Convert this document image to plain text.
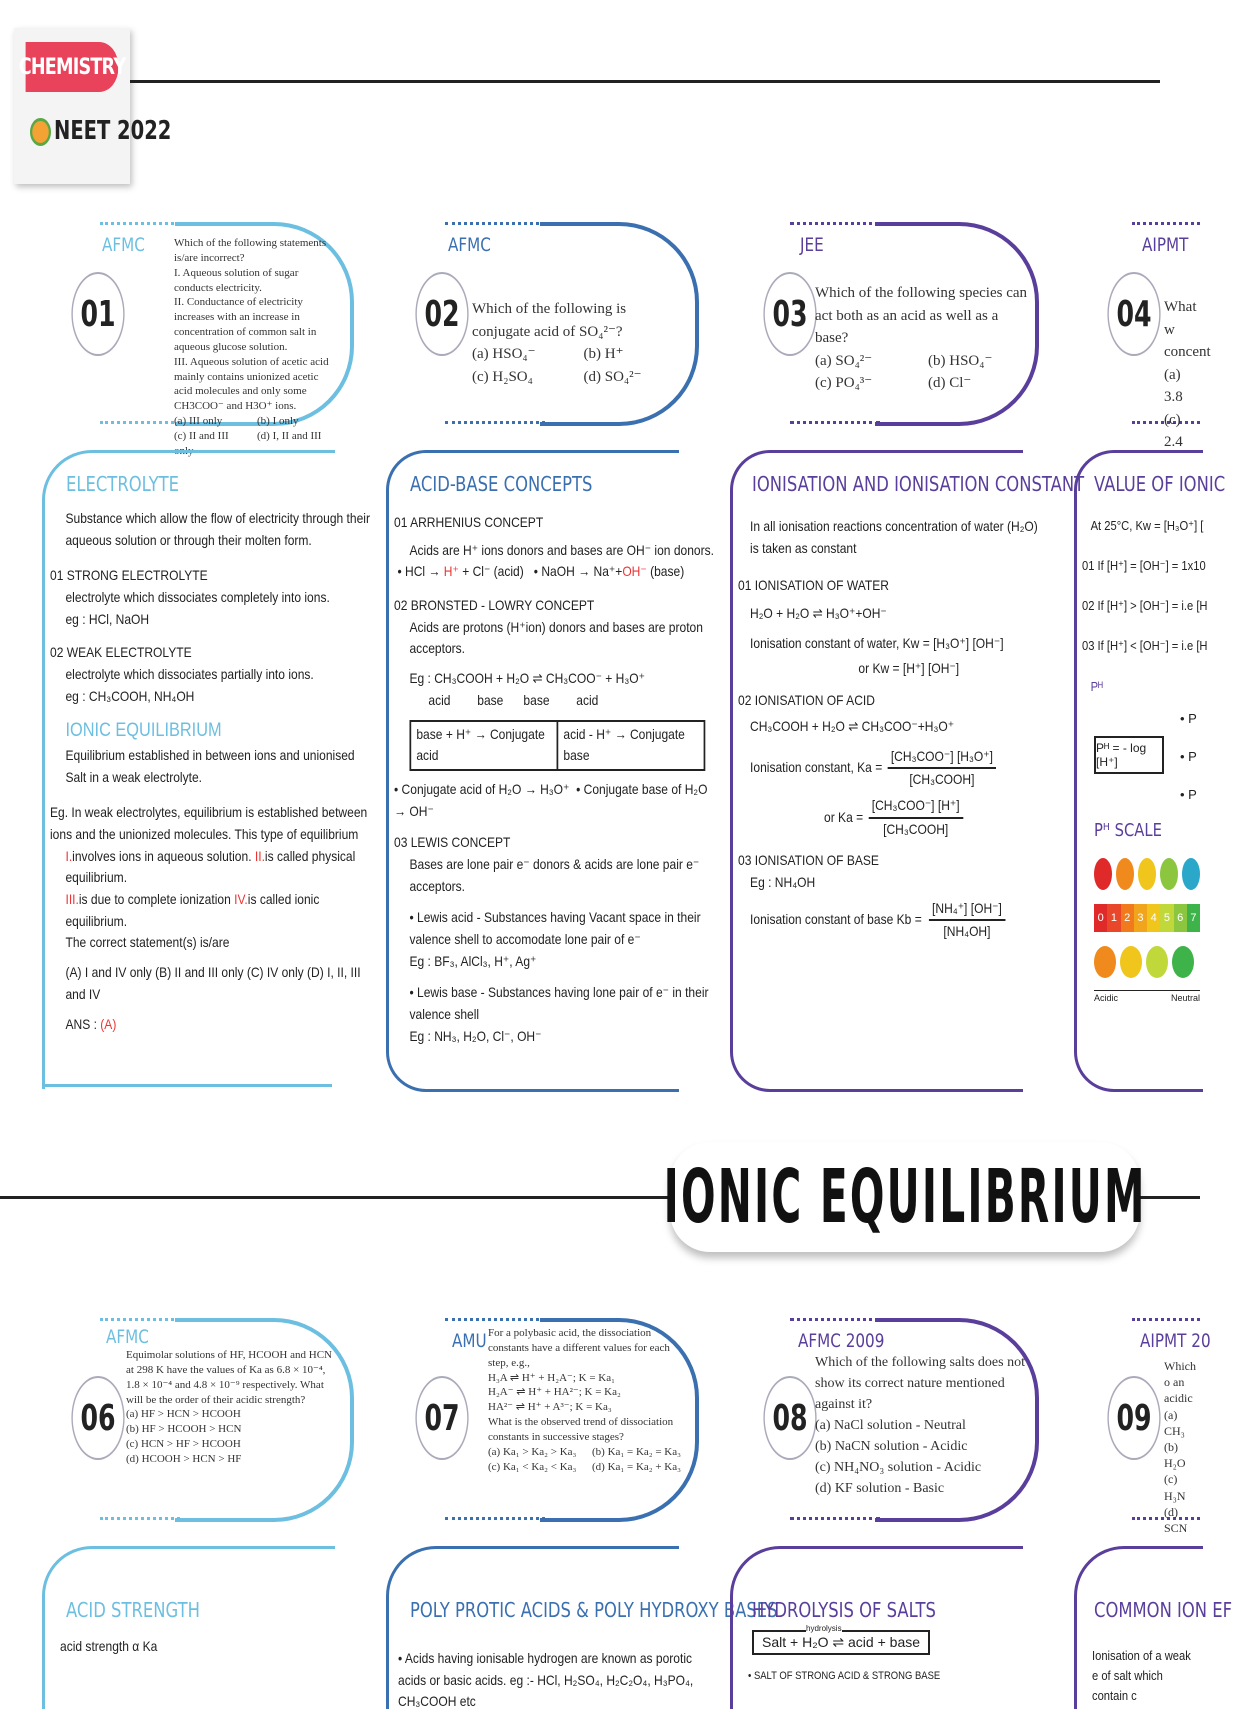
CHEMISTRY
NEET 2022
AFMC
01
Which of the following statements is/are incorrect?
I. Aqueous solution of sugar conducts electricity.
II. Conductance of electricity increases with an increase in concentration of common salt in aqueous glucose solution.
III. Aqueous solution of acetic acid mainly contains unionized acetic acid molecules and only some CH3COO⁻ and H3O⁺ ions.

(a) III only	(b) I only
(c) II and III only
(d) I, II and III
AFMC
02 Which of the following is conjugate acid of SO₄²⁻?
(a) HSO₄⁻	(b) H⁺
(c) H₂SO₄	(d) SO₄²⁻
JEE
03
Which of the following species can act both as an acid as well as a base?
(a) SO₄²⁻	(b) HSO₄⁻
(c) PO₄³⁻	(d) Cl⁻
AIPMT
04 What w concent
(a) 3.8
(c) 2.4
ELECTROLYTE

Substance which allow the flow of electricity through their aqueous solution or through their molten form.

01 STRONG ELECTROLYTE

electrolyte which dissociates completely into ions.

eg : HCl, NaOH

02 WEAK ELECTROLYTE

electrolyte which dissociates partially into ions.

eg : CH₃COOH, NH₄OH

IONIC EQUILIBRIUM

Equilibrium established in between ions and unionised Salt in a weak electrolyte.

Eg. In weak electrolytes, equilibrium is established between ions and the unionized molecules. This type of equilibrium

I.involves ions in aqueous solution. II.is called physical equilibrium.

III.is due to complete ionization IV.is called ionic equilibrium.

The correct statement(s) is/are

(A) I and IV only (B) II and III only (C) IV only (D) I, II, III and IV

ANS : (A)

ACID-BASE CONCEPTS

01 ARRHENIUS CONCEPT

Acids are H⁺ ions donors and bases are OH⁻ ion donors.

• HCl → H⁺ + Cl⁻ (acid) • NaOH → Na⁺+OH⁻ (base)

02 BRONSTED - LOWRY CONCEPT

Acids are protons (H⁺ion) donors and bases are proton acceptors.

Eg : CH₃COOH + H₂O ⇌ CH₃COO⁻ + H₃O⁺

acid        base      base        acid

base + H⁺ → Conjugate acid
acid - H⁺ → Conjugate base

• Conjugate acid of H₂O → H₃O⁺ • Conjugate base of H₂O → OH⁻

03 LEWIS CONCEPT

Bases are lone pair e⁻ donors & acids are lone pair e⁻ acceptors.

• Lewis acid - Substances having Vacant space in their valence shell to accomodate lone pair of e⁻

Eg : BF₃, AlCl₃, H⁺, Ag⁺

• Lewis base - Substances having lone pair of e⁻ in their valence shell

Eg : NH₃, H₂O, Cl⁻, OH⁻

IONISATION AND IONISATION CONSTANT

In all ionisation reactions concentration of water (H₂O) is taken as constant

01 IONISATION OF WATER

H₂O + H₂O ⇌ H₃O⁺+OH⁻

Ionisation constant of water, Kw = [H₃O⁺] [OH⁻]

or Kw = [H⁺] [OH⁻]

02 IONISATION OF ACID

CH₃COOH + H₂O ⇌ CH₃COO⁻+H₃O⁺

Ionisation constant, Ka =
[CH₃COO⁻] [H₃O⁺]
[CH₃COOH]
or Ka =
[CH₃COO⁻] [H⁺]
[CH₃COOH]

03 IONISATION OF BASE

Eg : NH₄OH

Ionisation constant of base $Kb = \frac{\text{[NH₄⁺] [OH⁻]}}{\text{[NH₄OH]}}$
VALUE OF IONIC

At 25°C, Kw = [H₃O⁺] [

01 If [H⁺] = [OH⁻] = 1x10

02 If [H⁺] > [OH⁻] = i.e [H

03 If [H⁺] < [OH⁻] = i.e [H

Pᴴ

Pᴴ = - log [H⁺]
• P
• P
• P
Pᴴ SCALE
0 1 2 3 4 5 6 7
Acidic	Neutral
IONIC EQUILIBRIUM
AFMC
06
Equimolar solutions of HF, HCOOH and HCN at 298 K have the values of Ka as 6.8 × 10⁻⁴, 1.8 × 10⁻⁴ and 4.8 × 10⁻⁹ respectively. What will be the order of their acidic strength?
(a) HF > HCN > HCOOH
(b) HF > HCOOH > HCN
(c) HCN > HF > HCOOH
(d) HCOOH > HCN > HF
AMU
07
For a polybasic acid, the dissociation constants have a different values for each step, e.g.,
H₃A ⇌ H⁺ + H₂A⁻; K = Ka₁
H₂A⁻ ⇌ H⁺ + HA²⁻; K = Ka₂
HA²⁻ ⇌ H⁺ + A³⁻; K = Ka₃
What is the observed trend of dissociation constants in successive stages?

(a) Ka₁ > Ka₂ > Ka₃	(b) Ka₁ = Ka₂ = Ka₃
(c) Ka₁ < Ka₂ < Ka₃	(d) Ka₁ = Ka₂ + Ka₃
AFMC 2009
08
Which of the following salts does not show its correct nature mentioned against it?
(a) NaCl solution - Neutral
(b) NaCN solution - Acidic
(c) NH₄NO₃ solution - Acidic
(d) KF solution - Basic
AIPMT 20
09
Which o an acidic
(a) CH₃
(b) H₂O
(c) H₃N
(d) SCN
ACID STRENGTH
acid strength α Ka
POLY PROTIC ACIDS & POLY HYDROXY BASES
• Acids having ionisable hydrogen are known as porotic acids or basic acids. eg :- HCl, H₂SO₄, H₂C₂O₄, H₃PO₄, CH₃COOH etc
HYDROLYSIS OF SALTS
Salt + H₂O ⇌ acid + base
hydrolysis
• SALT OF STRONG ACID & STRONG BASE
COMMON ION EF
Ionisation of a weak e of salt which contain c
